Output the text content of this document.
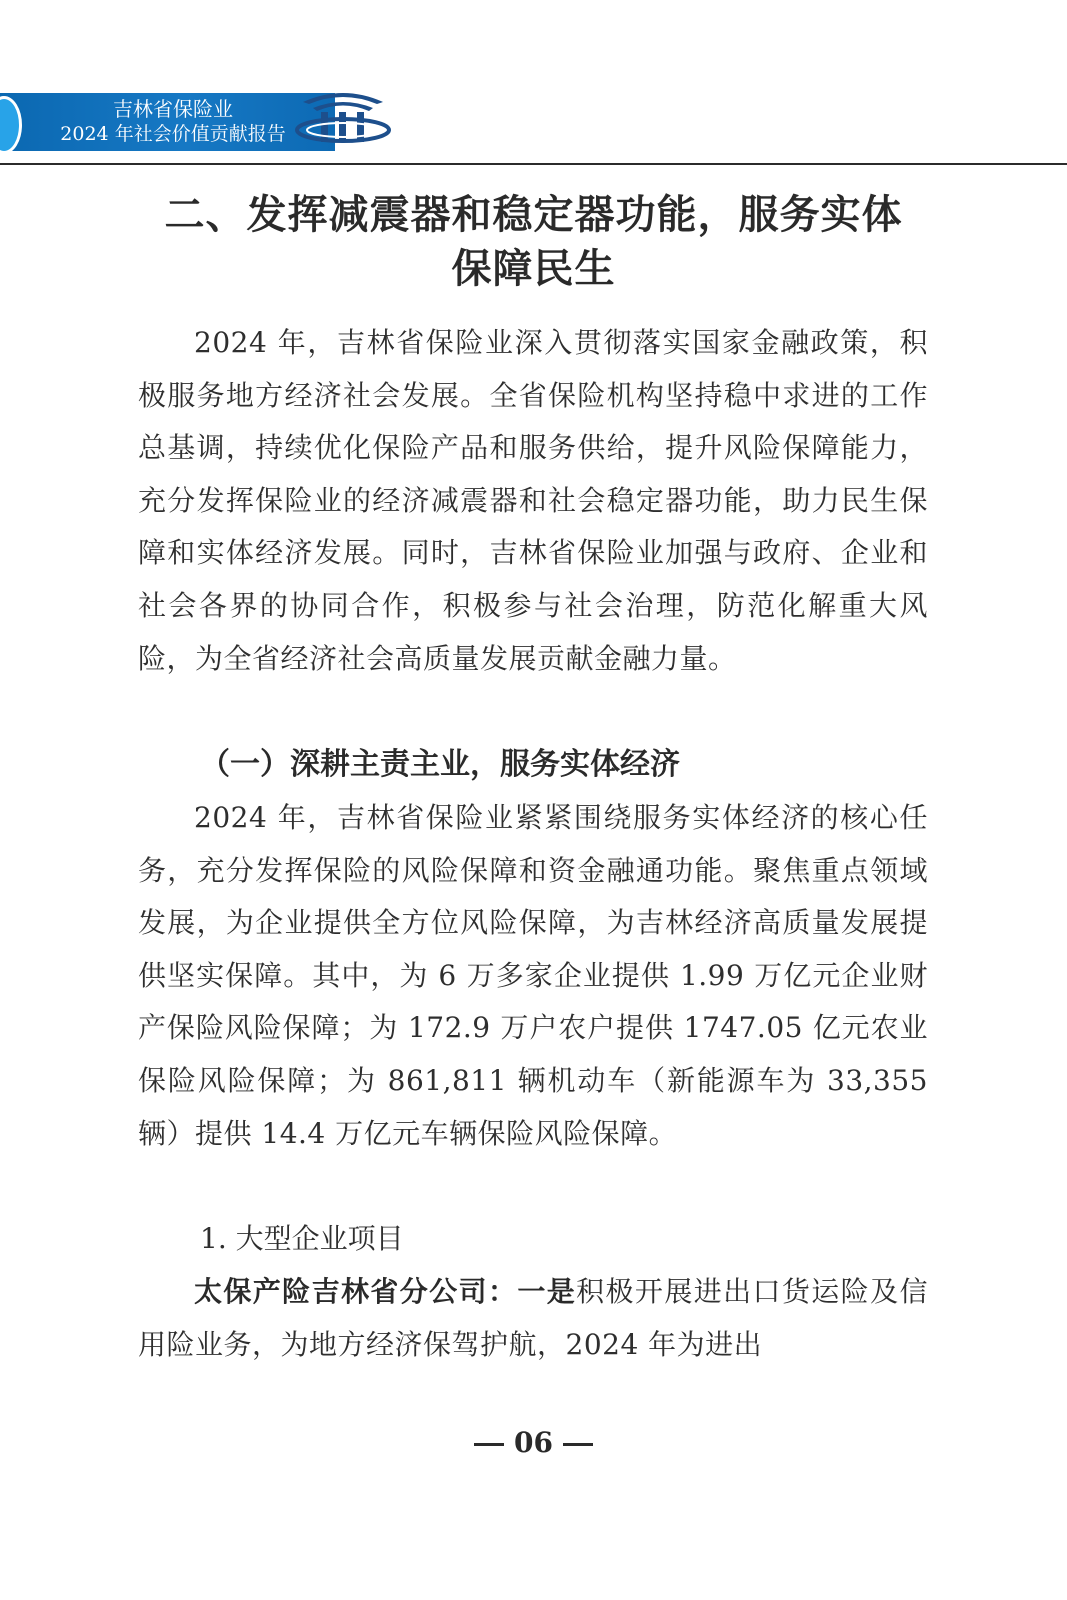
吉林省保险业
2024 年社会价值贡献报告
二、发挥减震器和稳定器功能，服务实体
保障民生

2024 年，吉林省保险业深入贯彻落实国家金融政策，积极服务地方经济社会发展。全省保险机构坚持稳中求进的工作总基调，持续优化保险产品和服务供给，提升风险保障能力，充分发挥保险业的经济减震器和社会稳定器功能，助力民生保障和实体经济发展。同时，吉林省保险业加强与政府、企业和社会各界的协同合作，积极参与社会治理，防范化解重大风险，为全省经济社会高质量发展贡献金融力量。

（一）深耕主责主业，服务实体经济

2024 年，吉林省保险业紧紧围绕服务实体经济的核心任务，充分发挥保险的风险保障和资金融通功能。聚焦重点领域发展，为企业提供全方位风险保障，为吉林经济高质量发展提供坚实保障。其中，为 6 万多家企业提供 1.99 万亿元企业财产保险风险保障；为 172.9 万户农户提供 1747.05 亿元农业保险风险保障；为 861,811 辆机动车（新能源车为 33,355 辆）提供 14.4 万亿元车辆保险风险保障。

1. 大型企业项目

太保产险吉林省分公司：一是积极开展进出口货运险及信用险业务，为地方经济保驾护航，2024 年为进出

06
